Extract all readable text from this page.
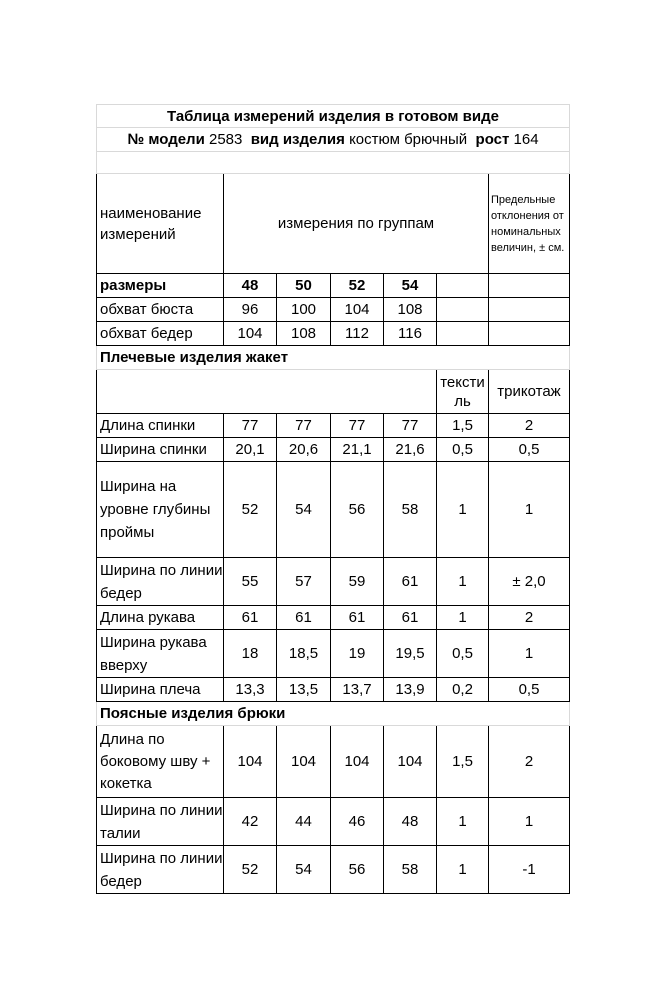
Таблица измерений изделия в готовом виде						
№ модели 2583 вид изделия костюм брючный рост 164						

наименование измерений	измерения по группам					Предельные отклонения от номинальных величин, ± см.
размеры	48	50	52	54		
обхват бюста	96	100	104	108		
обхват бедер	104	108	112	116		
Плечевые изделия жакет						
					тексти ль	трикотаж
Длина спинки	77	77	77	77	1,5	2
Ширина спинки	20,1	20,6	21,1	21,6	0,5	0,5
Ширина на уровне глубины проймы	52	54	56	58	1	1
Ширина по линии бедер	55	57	59	61	1	± 2,0
Длина рукава	61	61	61	61	1	2
Ширина рукава вверху	18	18,5	19	19,5	0,5	1
Ширина плеча	13,3	13,5	13,7	13,9	0,2	0,5
Поясные изделия брюки						
Длина по боковому шву + кокетка	104	104	104	104	1,5	2
Ширина по линии талии	42	44	46	48	1	1
Ширина по линии бедер	52	54	56	58	1	-1
